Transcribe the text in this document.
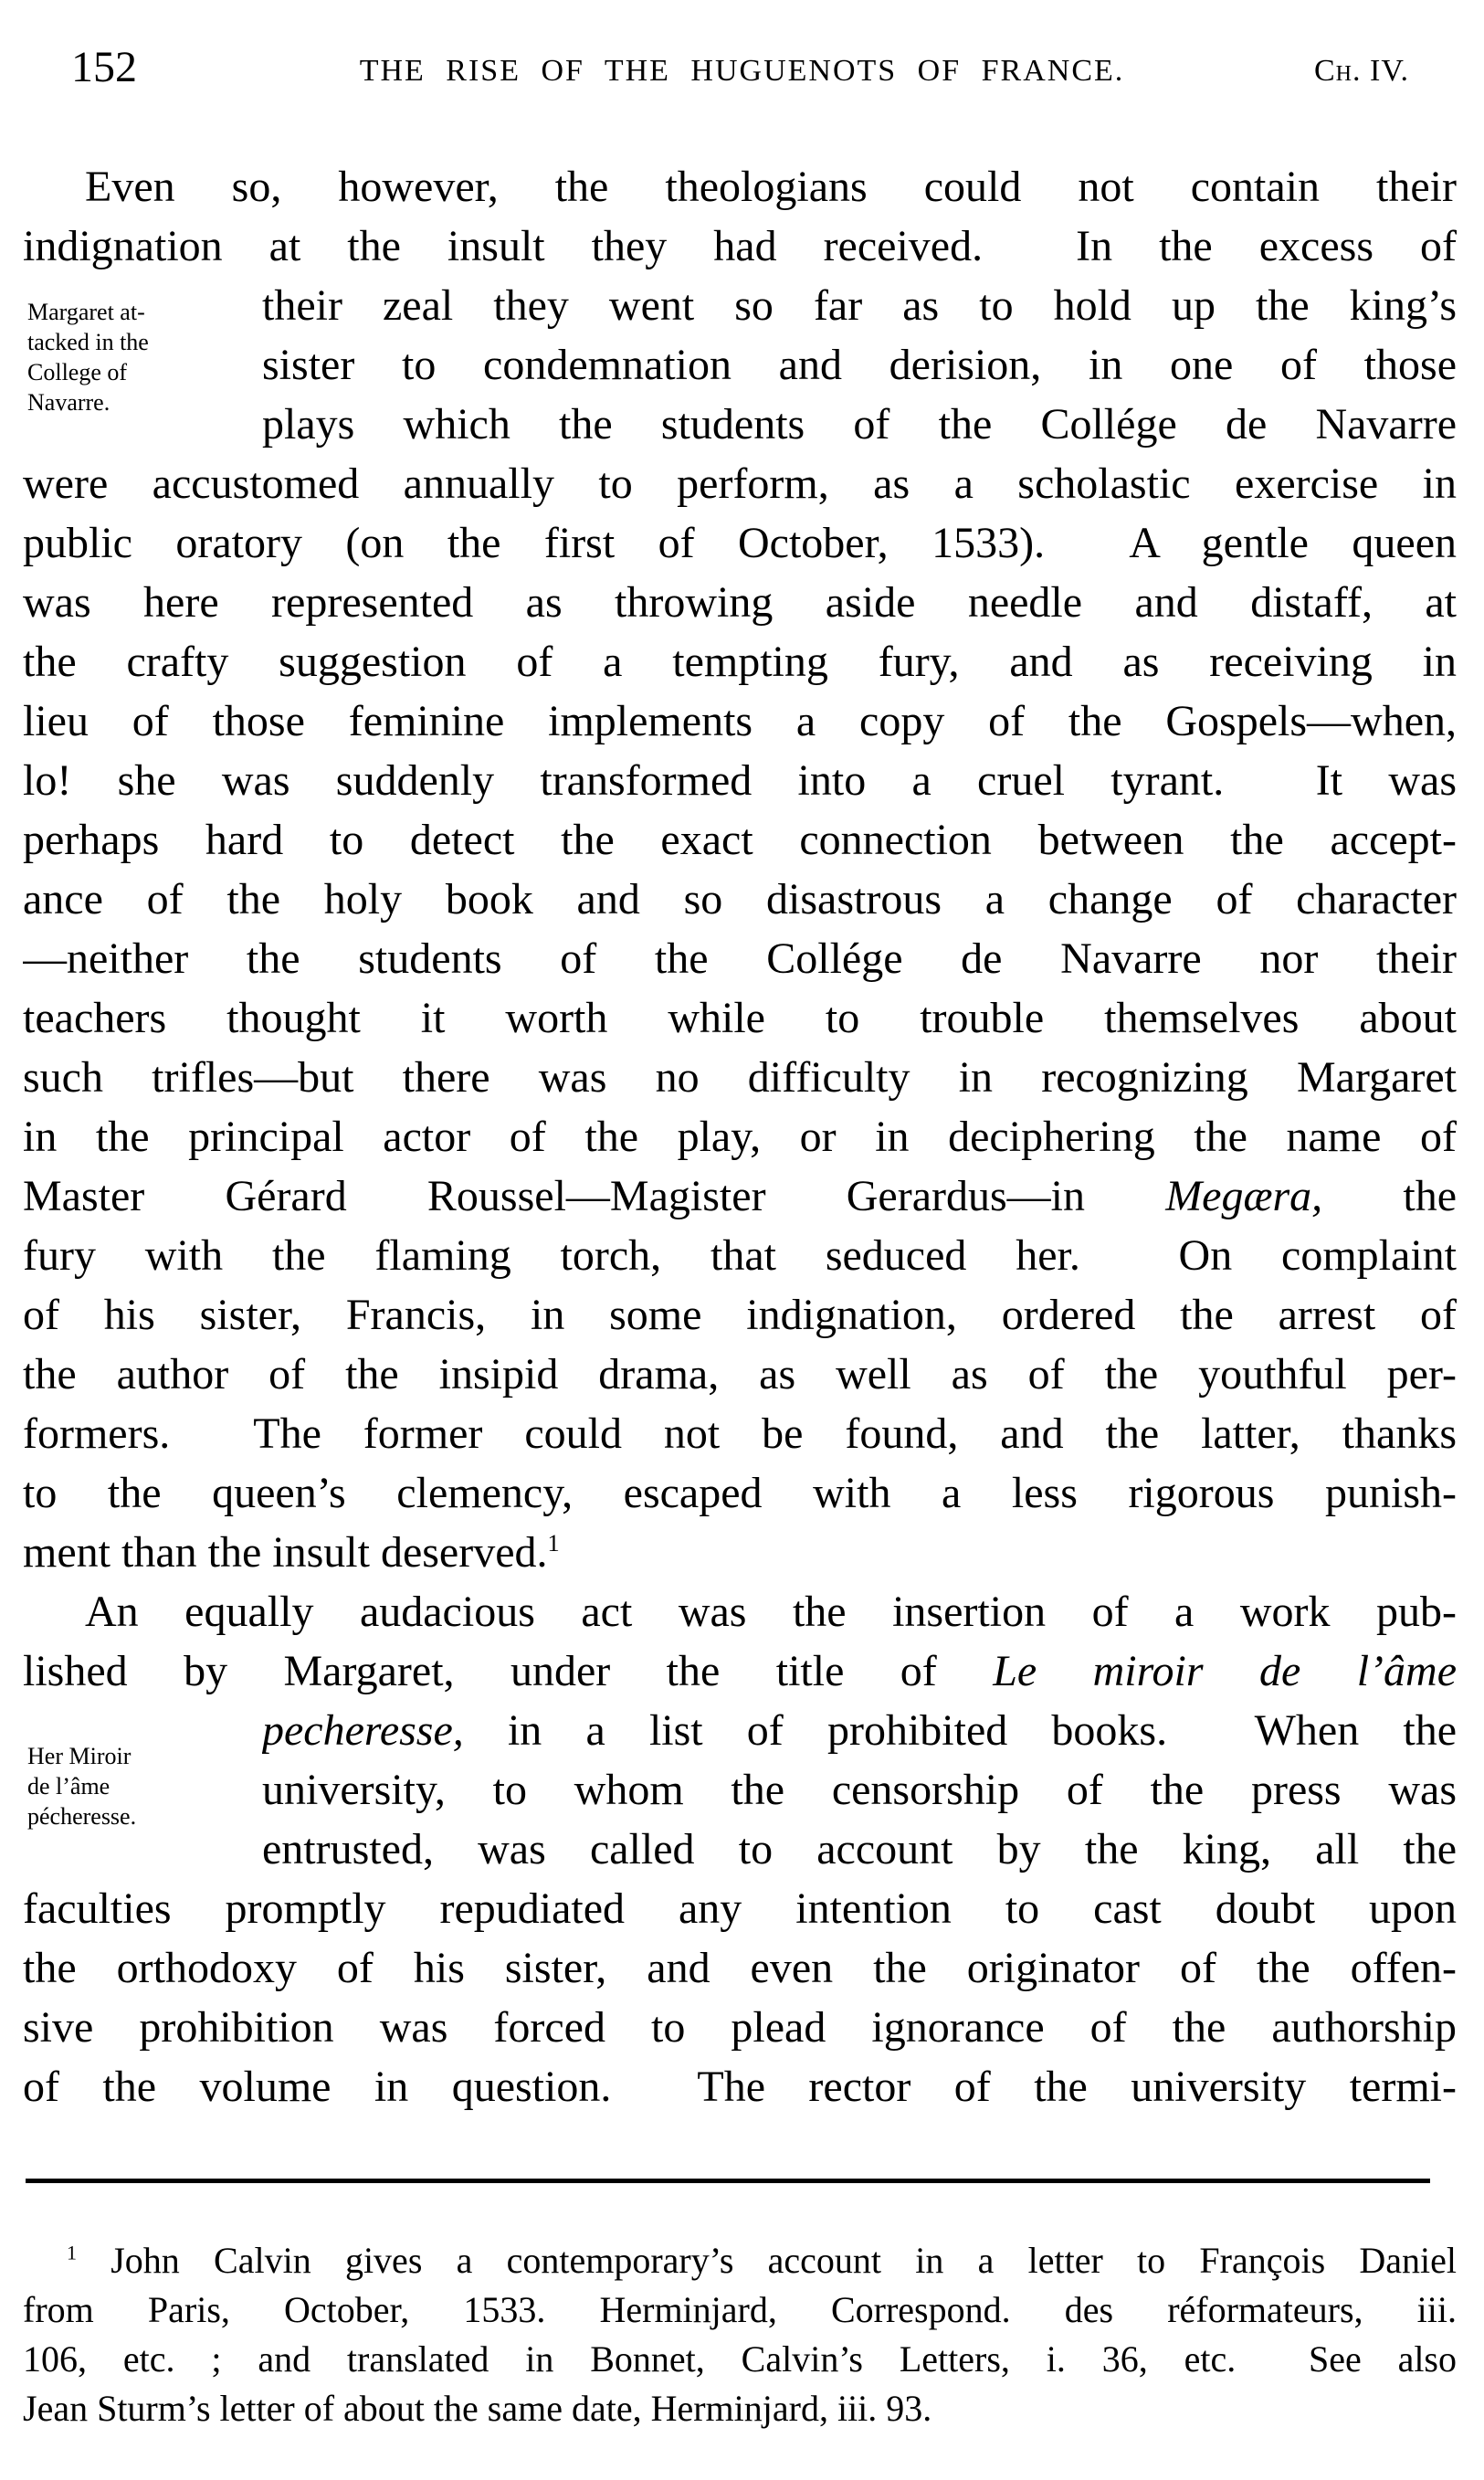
152	THE RISE OF THE HUGUENOTS OF FRANCE.	Ch. IV.
Even so, however, the theologians could not contain their
indignation at the insult they had received.  In the excess of
their zeal they went so far as to hold up the king’s
sister to condemnation and derision, in one of those
plays which the students of the Collége de Navarre
were accustomed annually to perform, as a scholastic exercise in
public oratory (on the first of October, 1533).  A gentle queen
was here represented as throwing aside needle and distaff, at
the crafty suggestion of a tempting fury, and as receiving in
lieu of those feminine implements a copy of the Gospels—when,
lo! she was suddenly transformed into a cruel tyrant.  It was
perhaps hard to detect the exact connection between the accept-
ance of the holy book and so disastrous a change of character
—neither the students of the Collége de Navarre nor their
teachers thought it worth while to trouble themselves about
such trifles—but there was no difficulty in recognizing Margaret
in the principal actor of the play, or in deciphering the name of
Master Gérard Roussel—Magister Gerardus—in Megæra, the
fury with the flaming torch, that seduced her.  On complaint
of his sister, Francis, in some indignation, ordered the arrest of
the author of the insipid drama, as well as of the youthful per-
formers.  The former could not be found, and the latter, thanks
to the queen’s clemency, escaped with a less rigorous punish-
ment than the insult deserved.$^1$
An equally audacious act was the insertion of a work pub-
lished by Margaret, under the title of Le miroir de l’âme
pecheresse, in a list of prohibited books.  When the
university, to whom the censorship of the press was
entrusted, was called to account by the king, all the
faculties promptly repudiated any intention to cast doubt upon
the orthodoxy of his sister, and even the originator of the offen-
sive prohibition was forced to plead ignorance of the authorship
of the volume in question.  The rector of the university termi-
Margaret at-
tacked in the
College of
Navarre.
Her Miroir
de l’âme
pécheresse.
$^1$ John Calvin gives a contemporary’s account in a letter to François Daniel
from Paris, October, 1533. Herminjard, Correspond. des réformateurs, iii.
106, etc. ; and translated in Bonnet, Calvin’s Letters, i. 36, etc.  See also
Jean Sturm’s letter of about the same date, Herminjard, iii. 93.
